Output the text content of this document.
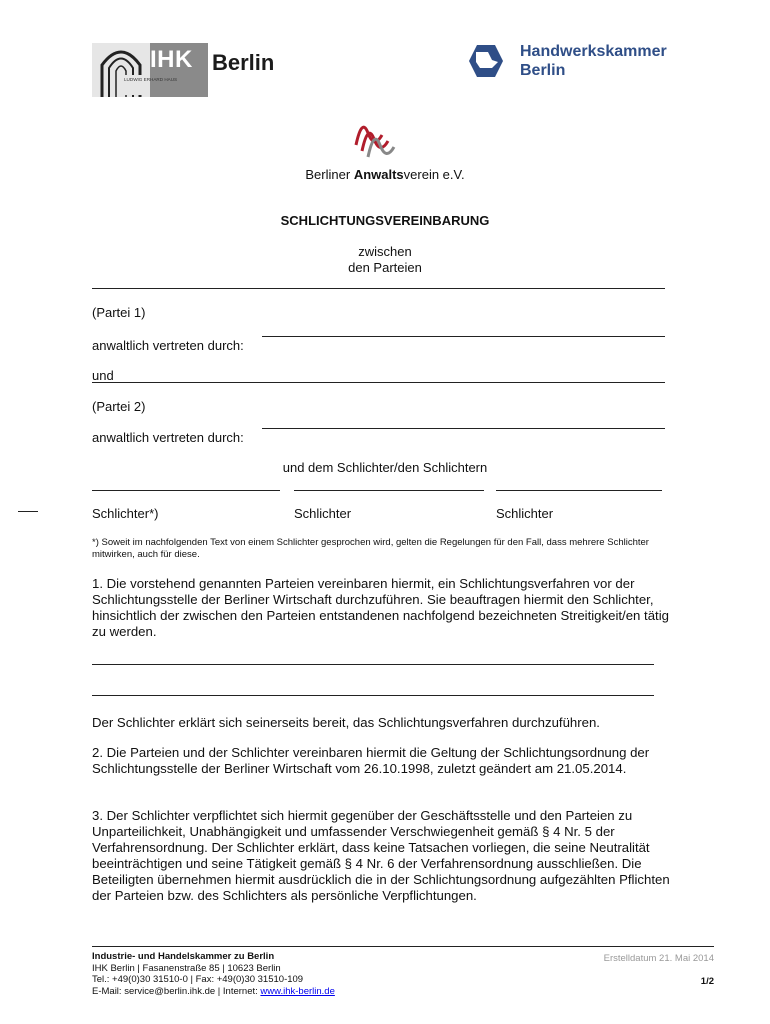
LUDWIG ERHARD HAUS
IHK Berlin	Handwerkskammer
Berlin
Berliner Anwaltsverein e.V.
SCHLICHTUNGSVEREINBARUNG
zwischen
den Parteien
(Partei 1)
anwaltlich vertreten durch:
und
(Partei 2)
anwaltlich vertreten durch:
und dem Schlichter/den Schlichtern
Schlichter*)	Schlichter	Schlichter
*) Soweit im nachfolgenden Text von einem Schlichter gesprochen wird, gelten die Regelungen für den Fall, dass mehrere Schlichter mitwirken, auch für diese.
1. Die vorstehend genannten Parteien vereinbaren hiermit, ein Schlichtungsverfahren vor der Schlichtungsstelle der Berliner Wirtschaft durchzuführen. Sie beauftragen hiermit den Schlichter, hinsichtlich der zwischen den Parteien entstandenen nachfolgend bezeichneten Streitigkeit/en tätig zu werden.
Der Schlichter erklärt sich seinerseits bereit, das Schlichtungsverfahren durchzuführen.
2. Die Parteien und der Schlichter vereinbaren hiermit die Geltung der Schlichtungsordnung der Schlichtungsstelle der Berliner Wirtschaft vom 26.10.1998, zuletzt geändert am 21.05.2014.
3. Der Schlichter verpflichtet sich hiermit gegenüber der Geschäftsstelle und den Parteien zu Unparteilichkeit, Unabhängigkeit und umfassender Verschwiegenheit gemäß § 4 Nr. 5 der Verfahrensordnung. Der Schlichter erklärt, dass keine Tatsachen vorliegen, die seine Neutralität beeinträchtigen und seine Tätigkeit gemäß § 4 Nr. 6 der Verfahrensordnung ausschließen. Die Beteiligten übernehmen hiermit ausdrücklich die in der Schlichtungsordnung aufgezählten Pflichten der Parteien bzw. des Schlichters als persönliche Verpflichtungen.
Industrie- und Handelskammer zu Berlin
IHK Berlin | Fasanenstraße 85 | 10623 Berlin
Tel.: +49(0)30 31510-0 | Fax: +49(0)30 31510-109
E-Mail: service@berlin.ihk.de | Internet: www.ihk-berlin.de
Erstelldatum 21. Mai 2014
1/2
